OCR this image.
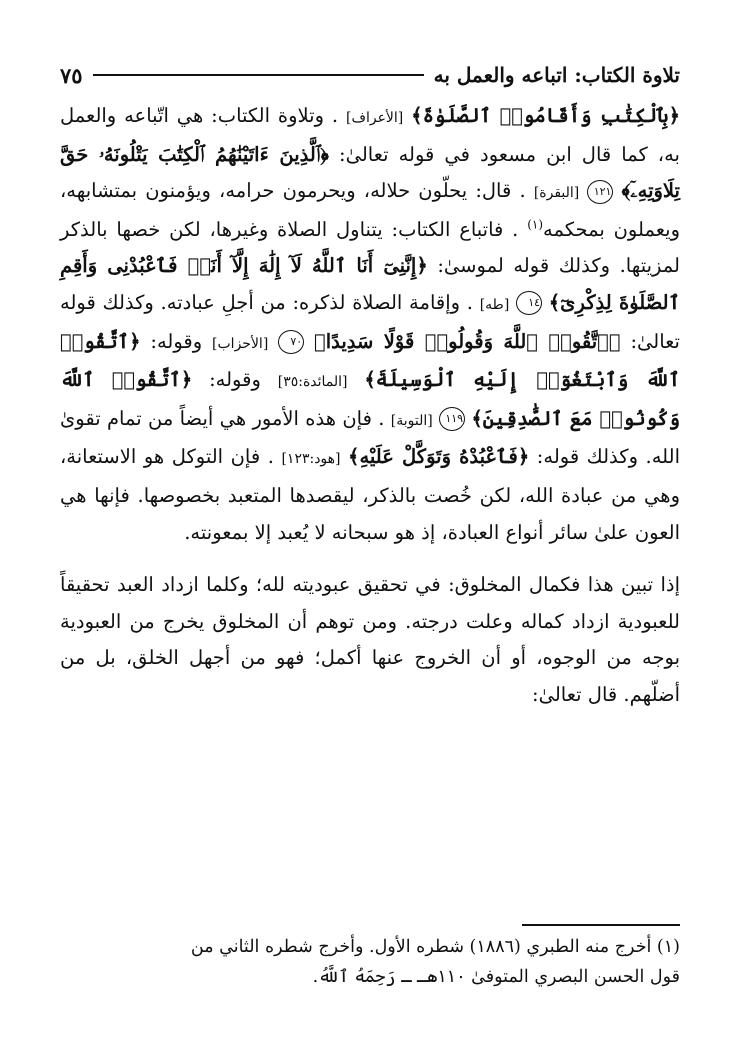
تلاوة الكتاب: اتباعه والعمل به
٧٥

﴿بِٱلْكِتَٰبِ وَأَقَامُوا۟ ٱلصَّلَوٰةَ﴾ [الأعراف] . وتلاوة الكتاب: هي اتّباعه والعمل به، كما قال ابن مسعود في قوله تعالىٰ: ﴿ٱلَّذِينَ ءَاتَيْنَٰهُمُ ٱلْكِتَٰبَ يَتْلُونَهُۥ حَقَّ تِلَاوَتِهِۦٓ﴾ ١٢١ [البقرة] . قال: يحلّون حلاله، ويحرمون حرامه، ويؤمنون بمتشابهه، ويعملون بمحكمه$^{(١)}$ . فاتباع الكتاب: يتناول الصلاة وغيرها، لكن خصها بالذكر لمزيتها. وكذلك قوله لموسىٰ: ﴿إِنَّنِىٓ أَنَا ٱللَّهُ لَآ إِلَٰهَ إِلَّآ أَنَا۠ فَٱعْبُدْنِى وَأَقِمِ ٱلصَّلَوٰةَ لِذِكْرِىٓ﴾ ١٤ [طه] . وإقامة الصلاة لذكره: من أجلِ عبادته. وكذلك قوله تعالىٰ: ﴿ٱتَّقُوا۟ ٱللَّهَ وَقُولُوا۟ قَوْلًا سَدِيدًا﴾ ٧٠ [الأحزاب] وقوله: ﴿ٱتَّقُوا۟ ٱللَّهَ وَٱبْتَغُوٓا۟ إِلَيْهِ ٱلْوَسِيلَةَ﴾ [المائدة:٣٥] وقوله: ﴿ٱتَّقُوا۟ ٱللَّهَ وَكُونُوا۟ مَعَ ٱلصَّٰدِقِينَ﴾ ١١٩ [التوبة] . فإن هذه الأمور هي أيضاً من تمام تقوىٰ الله. وكذلك قوله: ﴿فَٱعْبُدْهُ وَتَوَكَّلْ عَلَيْهِ﴾ [هود:١٢٣] . فإن التوكل هو الاستعانة، وهي من عبادة الله، لكن خُصت بالذكر، ليقصدها المتعبد بخصوصها. فإنها هي العون علىٰ سائر أنواع العبادة، إذ هو سبحانه لا يُعبد إلا بمعونته.

إذا تبين هذا فكمال المخلوق: في تحقيق عبوديته لله؛ وكلما ازداد العبد تحقيقاً للعبودية ازداد كماله وعلت درجته. ومن توهم أن المخلوق يخرج من العبودية بوجه من الوجوه، أو أن الخروج عنها أكمل؛ فهو من أجهل الخلق، بل من أضلّهم. قال تعالىٰ:

(١) أخرج منه الطبري (١٨٨٦) شطره الأول. وأخرج شطره الثاني من

قول الحسن البصري المتوفىٰ ١١٠هـ ـ رَحِمَهُ ٱللَّهُ.
